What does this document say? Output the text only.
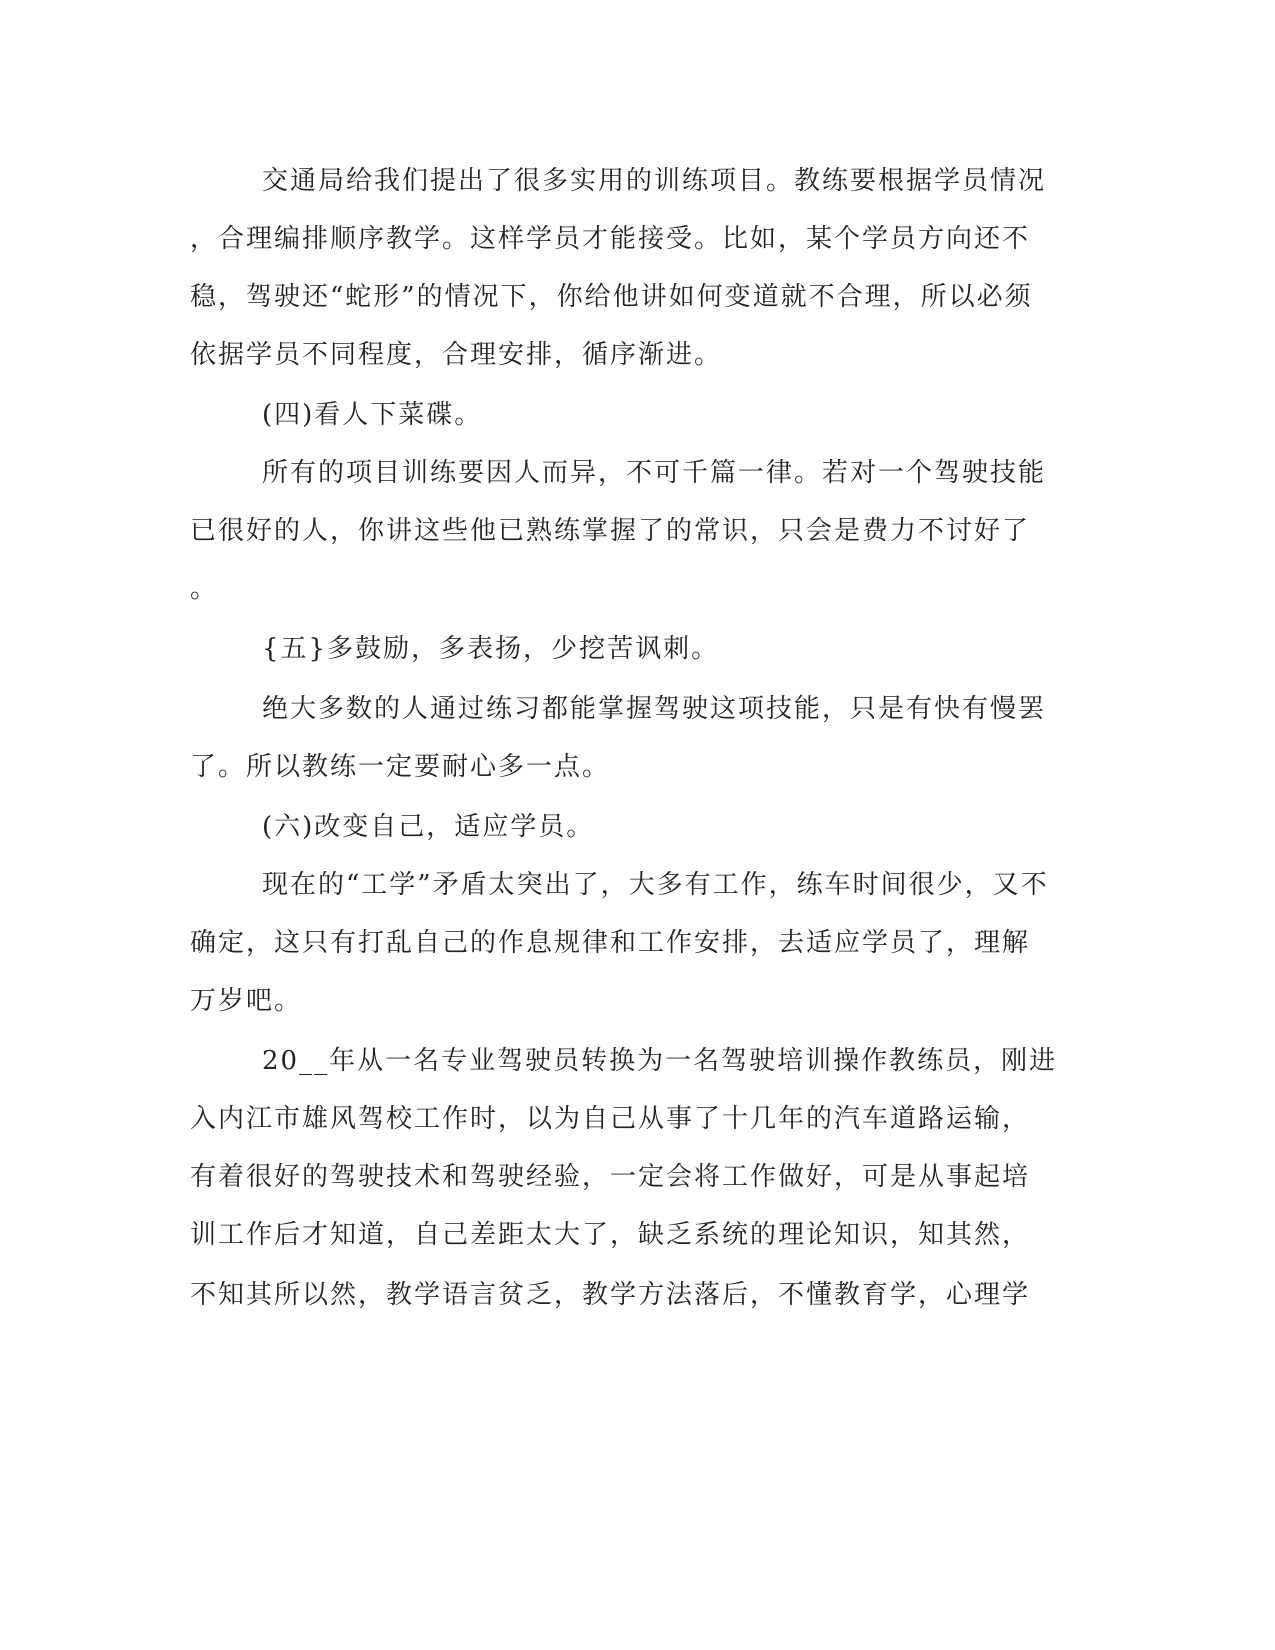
交通局给我们提出了很多实用的训练项目。教练要根据学员情况

，合理编排顺序教学。这样学员才能接受。比如，某个学员方向还不

稳，驾驶还“蛇形”的情况下，你给他讲如何变道就不合理，所以必须

依据学员不同程度，合理安排，循序渐进。

(四)看人下菜碟。

所有的项目训练要因人而异，不可千篇一律。若对一个驾驶技能

已很好的人，你讲这些他已熟练掌握了的常识，只会是费力不讨好了

。

{五}多鼓励，多表扬，少挖苦讽刺。

绝大多数的人通过练习都能掌握驾驶这项技能，只是有快有慢罢

了。所以教练一定要耐心多一点。

(六)改变自己，适应学员。

现在的“工学”矛盾太突出了，大多有工作，练车时间很少，又不

确定，这只有打乱自己的作息规律和工作安排，去适应学员了，理解

万岁吧。

20__年从一名专业驾驶员转换为一名驾驶培训操作教练员，刚进

入内江市雄风驾校工作时，以为自己从事了十几年的汽车道路运输，

有着很好的驾驶技术和驾驶经验，一定会将工作做好，可是从事起培

训工作后才知道，自己差距太大了，缺乏系统的理论知识，知其然，

不知其所以然，教学语言贫乏，教学方法落后，不懂教育学，心理学
